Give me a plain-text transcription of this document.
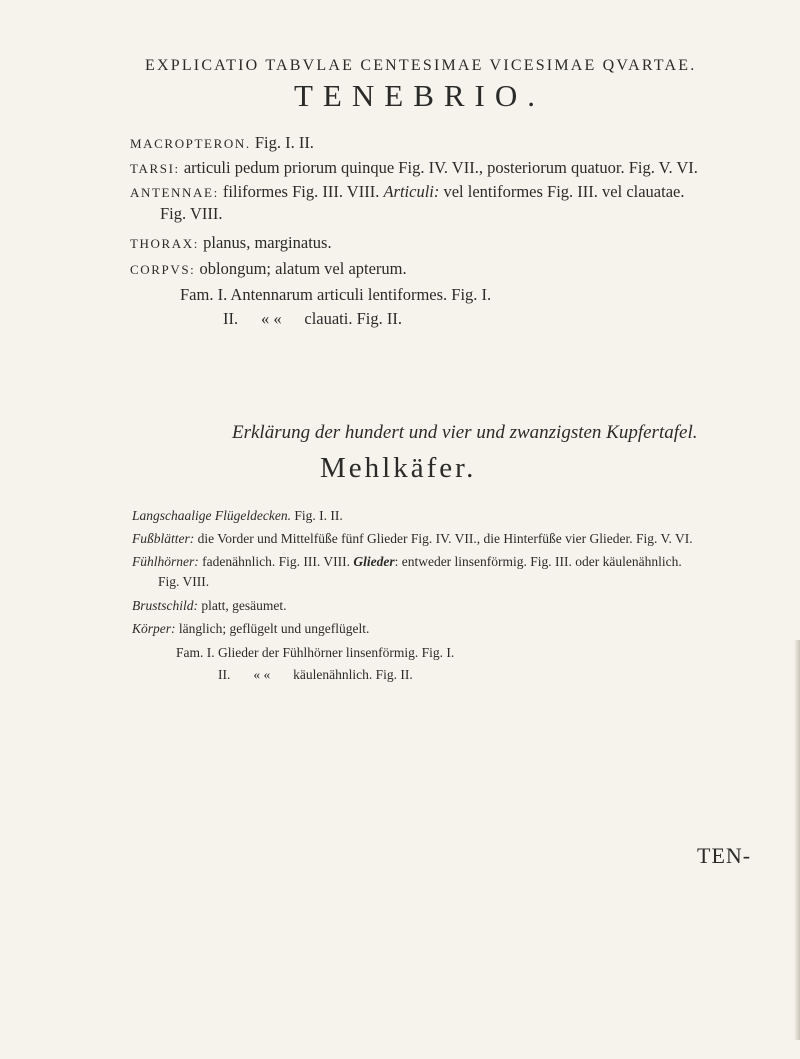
EXPLICATIO TABVLAE CENTESIMAE VICESIMAE QVARTAE.
TENEBRIO.
MACROPTERON. Fig. I. II.
TARSI: articuli pedum priorum quinque Fig. IV. VII., posteriorum quatuor. Fig. V. VI.
ANTENNAE: filiformes Fig. III. VIII. Articuli: vel lentiformes Fig. III. vel clauatae.
Fig. VIII.
THORAX: planus, marginatus.
CORPVS: oblongum; alatum vel apterum.
Fam. I. Antennarum articuli lentiformes. Fig. I.
II. « « clauati. Fig. II.
Erklärung der hundert und vier und zwanzigsten Kupfertafel.
Mehlkäfer.
Langschaalige Flügeldecken. Fig. I. II.
Fußblätter: die Vorder und Mittelfüße fünf Glieder Fig. IV. VII., die Hinterfüße vier Glieder. Fig. V. VI.
Fühlhörner: fadenähnlich. Fig. III. VIII. Glieder: entweder linsenförmig. Fig. III. oder käulenähnlich.
Fig. VIII.
Brustschild: platt, gesäumet.
Körper: länglich; geflügelt und ungeflügelt.
Fam. I. Glieder der Fühlhörner linsenförmig. Fig. I.
II. « « käulenähnlich. Fig. II.
TEN-
